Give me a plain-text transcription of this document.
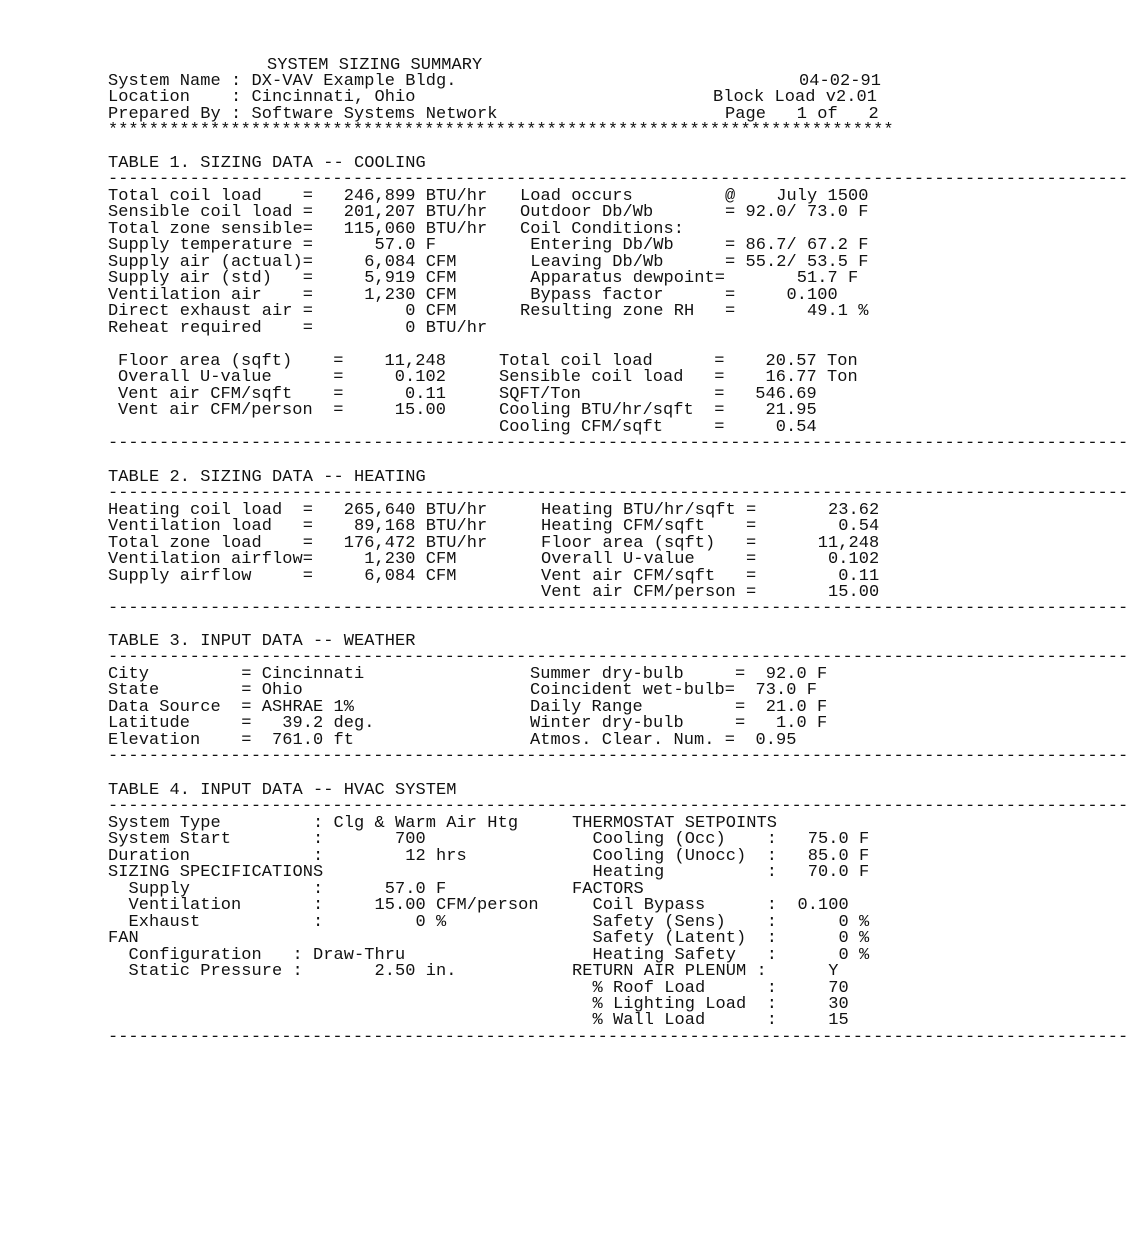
SYSTEM SIZING SUMMARY
System Name : DX-VAV Example Bldg.
Location    : Cincinnati, Ohio
Prepared By : Software Systems Network
04-02-91
Block Load v2.01
Page   1 of   2
*****************************************************************************
TABLE 1. SIZING DATA -- COOLING
----------------------------------------------------------------------------------------------------
Total coil load    =   246,899 BTU/hr
Sensible coil load =   201,207 BTU/hr
Total zone sensible=   115,060 BTU/hr
Supply temperature =      57.0 F
Supply air (actual)=     6,084 CFM
Supply air (std)   =     5,919 CFM
Ventilation air    =     1,230 CFM
Direct exhaust air =         0 CFM
Reheat required    =         0 BTU/hr
Load occurs         @    July 1500
Outdoor Db/Wb       = 92.0/ 73.0 F
Coil Conditions:
Entering Db/Wb     = 86.7/ 67.2 F
Leaving Db/Wb      = 55.2/ 53.5 F
Apparatus dewpoint=       51.7 F
Bypass factor      =     0.100
Resulting zone RH   =       49.1 %
Floor area (sqft)    =    11,248
Overall U-value      =     0.102
Vent air CFM/sqft    =      0.11
Vent air CFM/person  =     15.00
Total coil load      =    20.57 Ton
Sensible coil load   =    16.77 Ton
SQFT/Ton             =   546.69
Cooling BTU/hr/sqft  =    21.95
Cooling CFM/sqft     =     0.54
----------------------------------------------------------------------------------------------------
TABLE 2. SIZING DATA -- HEATING
----------------------------------------------------------------------------------------------------
Heating coil load  =   265,640 BTU/hr
Ventilation load   =    89,168 BTU/hr
Total zone load    =   176,472 BTU/hr
Ventilation airflow=     1,230 CFM
Supply airflow     =     6,084 CFM
Heating BTU/hr/sqft =       23.62
Heating CFM/sqft    =        0.54
Floor area (sqft)   =      11,248
Overall U-value     =       0.102
Vent air CFM/sqft   =        0.11
Vent air CFM/person =       15.00
----------------------------------------------------------------------------------------------------
TABLE 3. INPUT DATA -- WEATHER
----------------------------------------------------------------------------------------------------
City         = Cincinnati
State        = Ohio
Data Source  = ASHRAE 1%
Latitude     =   39.2 deg.
Elevation    =  761.0 ft
Summer dry-bulb     =  92.0 F
Coincident wet-bulb=  73.0 F
Daily Range         =  21.0 F
Winter dry-bulb     =   1.0 F
Atmos. Clear. Num. =  0.95
----------------------------------------------------------------------------------------------------
TABLE 4. INPUT DATA -- HVAC SYSTEM
----------------------------------------------------------------------------------------------------
System Type         : Clg & Warm Air Htg
System Start        :       700
Duration            :        12 hrs
SIZING SPECIFICATIONS
Supply            :      57.0 F
Ventilation       :     15.00 CFM/person
Exhaust           :         0 %
FAN
Configuration   : Draw-Thru
Static Pressure :       2.50 in.
THERMOSTAT SETPOINTS
Cooling (Occ)    :   75.0 F
Cooling (Unocc)  :   85.0 F
Heating          :   70.0 F
FACTORS
Coil Bypass      :  0.100
Safety (Sens)    :      0 %
Safety (Latent)  :      0 %
Heating Safety   :      0 %
RETURN AIR PLENUM :      Y
% Roof Load      :     70
% Lighting Load  :     30
% Wall Load      :     15
----------------------------------------------------------------------------------------------------
